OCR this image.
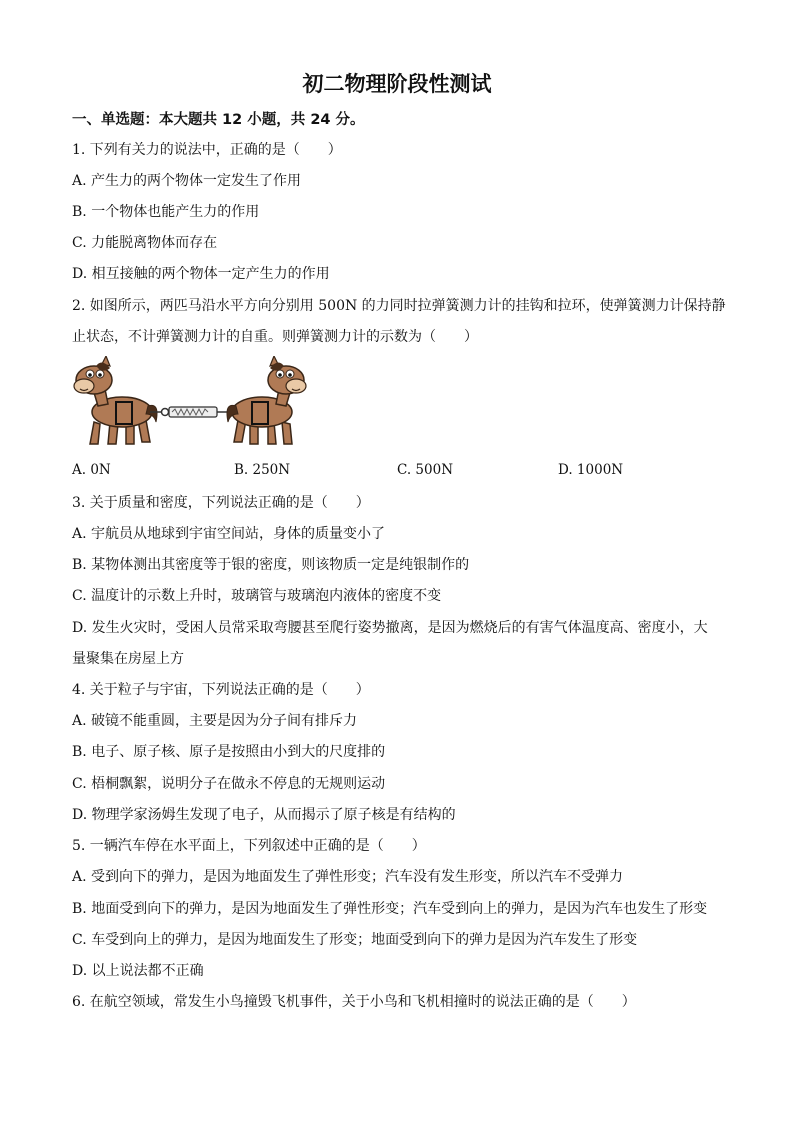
初二物理阶段性测试
一、单选题：本大题共 12 小题，共 24 分。
1. 下列有关力的说法中，正确的是（　　）
A. 产生力的两个物体一定发生了作用
B. 一个物体也能产生力的作用
C. 力能脱离物体而存在
D. 相互接触的两个物体一定产生力的作用
2. 如图所示，两匹马沿水平方向分别用 500N 的力同时拉弹簧测力计的挂钩和拉环，使弹簧测力计保持静
止状态，不计弹簧测力计的自重。则弹簧测力计的示数为（　　）
A. 0N	B. 250N	C. 500N	D. 1000N
3. 关于质量和密度，下列说法正确的是（　　）
A. 宇航员从地球到宇宙空间站，身体的质量变小了
B. 某物体测出其密度等于银的密度，则该物质一定是纯银制作的
C. 温度计的示数上升时，玻璃管与玻璃泡内液体的密度不变
D. 发生火灾时，受困人员常采取弯腰甚至爬行姿势撤离，是因为燃烧后的有害气体温度高、密度小，大
量聚集在房屋上方
4. 关于粒子与宇宙，下列说法正确的是（　　）
A. 破镜不能重圆，主要是因为分子间有排斥力
B. 电子、原子核、原子是按照由小到大的尺度排的
C. 梧桐飘絮，说明分子在做永不停息的无规则运动
D. 物理学家汤姆生发现了电子，从而揭示了原子核是有结构的
5. 一辆汽车停在水平面上，下列叙述中正确的是（　　）
A. 受到向下的弹力，是因为地面发生了弹性形变；汽车没有发生形变，所以汽车不受弹力
B. 地面受到向下的弹力，是因为地面发生了弹性形变；汽车受到向上的弹力，是因为汽车也发生了形变
C. 车受到向上的弹力，是因为地面发生了形变；地面受到向下的弹力是因为汽车发生了形变
D. 以上说法都不正确
6. 在航空领域，常发生小鸟撞毁飞机事件，关于小鸟和飞机相撞时的说法正确的是（　　）
